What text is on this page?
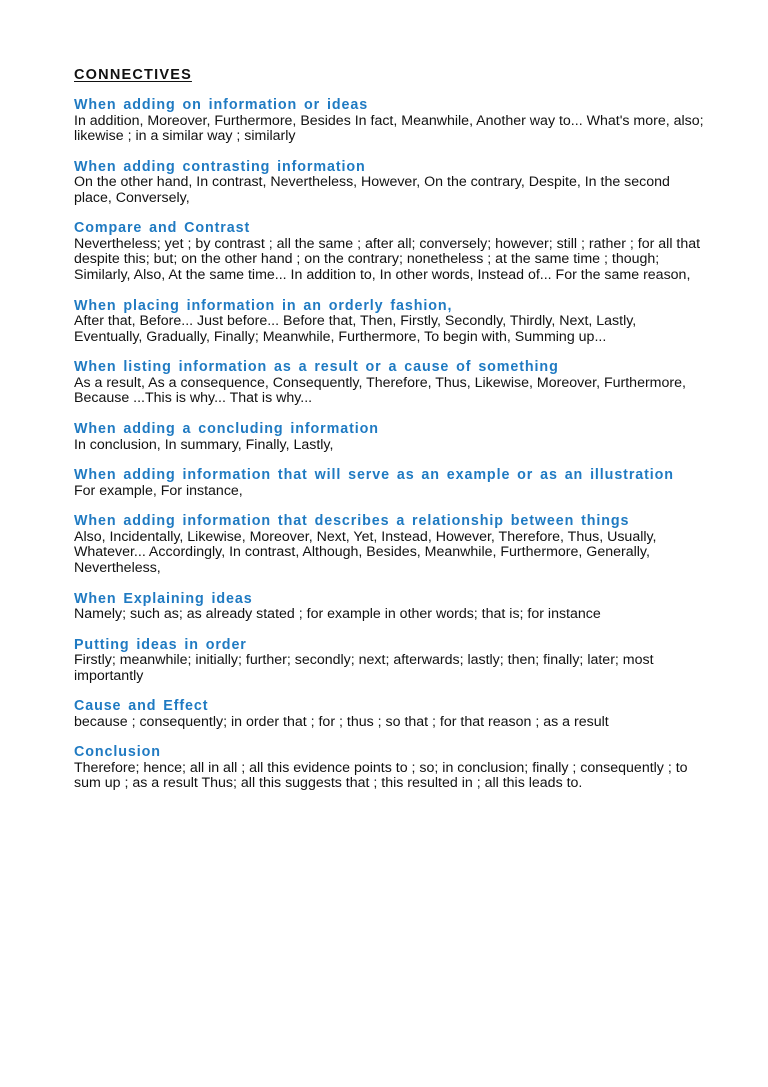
CONNECTIVES

When adding on information or ideas

In addition, Moreover, Furthermore, Besides In fact, Meanwhile, Another way to... What's more, also; likewise ; in a similar way ; similarly

When adding contrasting information

On the other hand, In contrast, Nevertheless, However, On the contrary, Despite, In the second place, Conversely,

Compare and Contrast

Nevertheless; yet ; by contrast ; all the same ; after all; conversely; however; still ; rather ; for all that despite this; but; on the other hand ; on the contrary; nonetheless ; at the same time ; though; Similarly, Also, At the same time... In addition to, In other words, Instead of... For the same reason,

When placing information in an orderly fashion,

After that, Before... Just before... Before that, Then, Firstly, Secondly, Thirdly, Next, Lastly, Eventually, Gradually, Finally; Meanwhile, Furthermore, To begin with, Summing up...

When listing information as a result or a cause of something

As a result, As a consequence, Consequently, Therefore, Thus, Likewise, Moreover, Furthermore, Because ...This is why... That is why...

When adding a concluding information

In conclusion, In summary, Finally, Lastly,

When adding information that will serve as an example or as an illustration

For example, For instance,

When adding information that describes a relationship between things

Also, Incidentally, Likewise, Moreover, Next, Yet, Instead, However, Therefore, Thus, Usually, Whatever... Accordingly, In contrast, Although, Besides, Meanwhile, Furthermore, Generally, Nevertheless,

When Explaining ideas

Namely; such as; as already stated ; for example in other words; that is; for instance

Putting ideas in order

Firstly; meanwhile; initially; further; secondly; next; afterwards; lastly; then; finally; later; most importantly

Cause and Effect

because ; consequently; in order that ; for ; thus ; so that ; for that reason ; as a result

Conclusion

Therefore; hence; all in all ; all this evidence points to ; so; in conclusion; finally ; consequently ; to sum up ; as a result Thus; all this suggests that ; this resulted in ; all this leads to.
